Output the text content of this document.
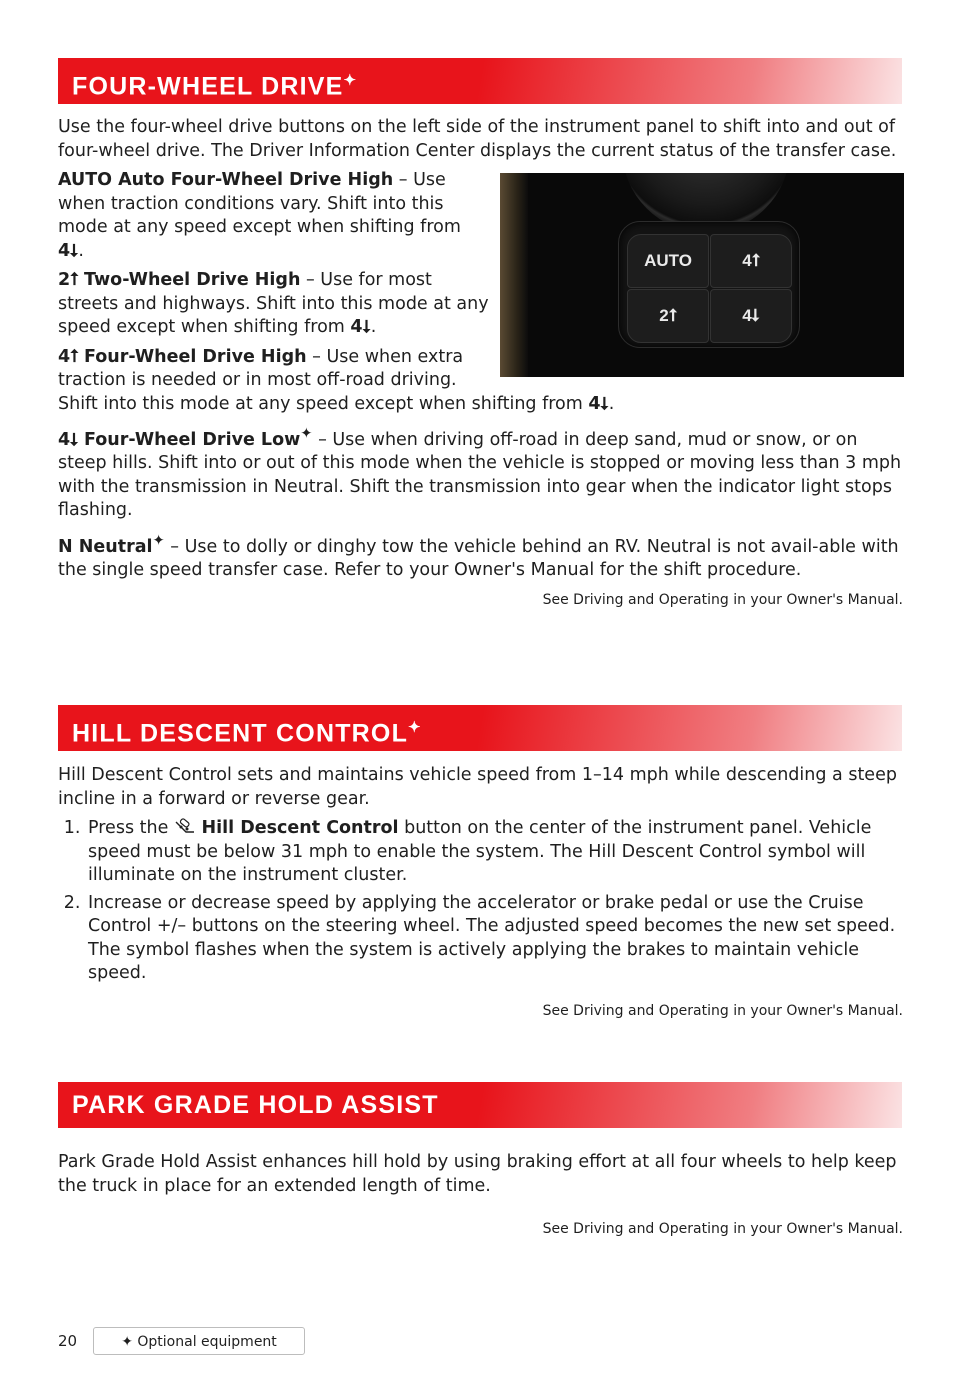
FOUR-WHEEL DRIVE✦

Use the four-wheel drive buttons on the left side of the instrument panel to shift into and out of four-wheel drive. The Driver Information Center displays the current status of the transfer case.

AUTO	4⭡
2⭡	4⭣

AUTO Auto Four-Wheel Drive High – Use when traction conditions vary. Shift into this mode at any speed except when shifting from 4⭣.

2⭡ Two-Wheel Drive High – Use for most streets and highways. Shift into this mode at any speed except when shifting from 4⭣.

4⭡ Four-Wheel Drive High – Use when extra traction is needed or in most off-road driving. Shift into this mode at any speed except when shifting from 4⭣.

4⭣ Four-Wheel Drive Low✦ – Use when driving off-road in deep sand, mud or snow, or on steep hills. Shift into or out of this mode when the vehicle is stopped or moving less than 3 mph with the transmission in Neutral. Shift the transmission into gear when the indicator light stops flashing.

N Neutral✦ – Use to dolly or dinghy tow the vehicle behind an RV. Neutral is not avail-able with the single speed transfer case. Refer to your Owner's Manual for the shift procedure.

See Driving and Operating in your Owner's Manual.
HILL DESCENT CONTROL✦

Hill Descent Control sets and maintains vehicle speed from 1–14 mph while descending a steep incline in a forward or reverse gear.

1. Press the  Hill Descent Control button on the center of the instrument panel. Vehicle speed must be below 31 mph to enable the system. The Hill Descent Control symbol will illuminate on the instrument cluster.
2. Increase or decrease speed by applying the accelerator or brake pedal or use the Cruise Control +/– buttons on the steering wheel. The adjusted speed becomes the new set speed. The symbol flashes when the system is actively applying the brakes to maintain vehicle speed.
See Driving and Operating in your Owner's Manual.
PARK GRADE HOLD ASSIST

Park Grade Hold Assist enhances hill hold by using braking effort at all four wheels to help keep the truck in place for an extended length of time.

See Driving and Operating in your Owner's Manual.
20	✦ Optional equipment
